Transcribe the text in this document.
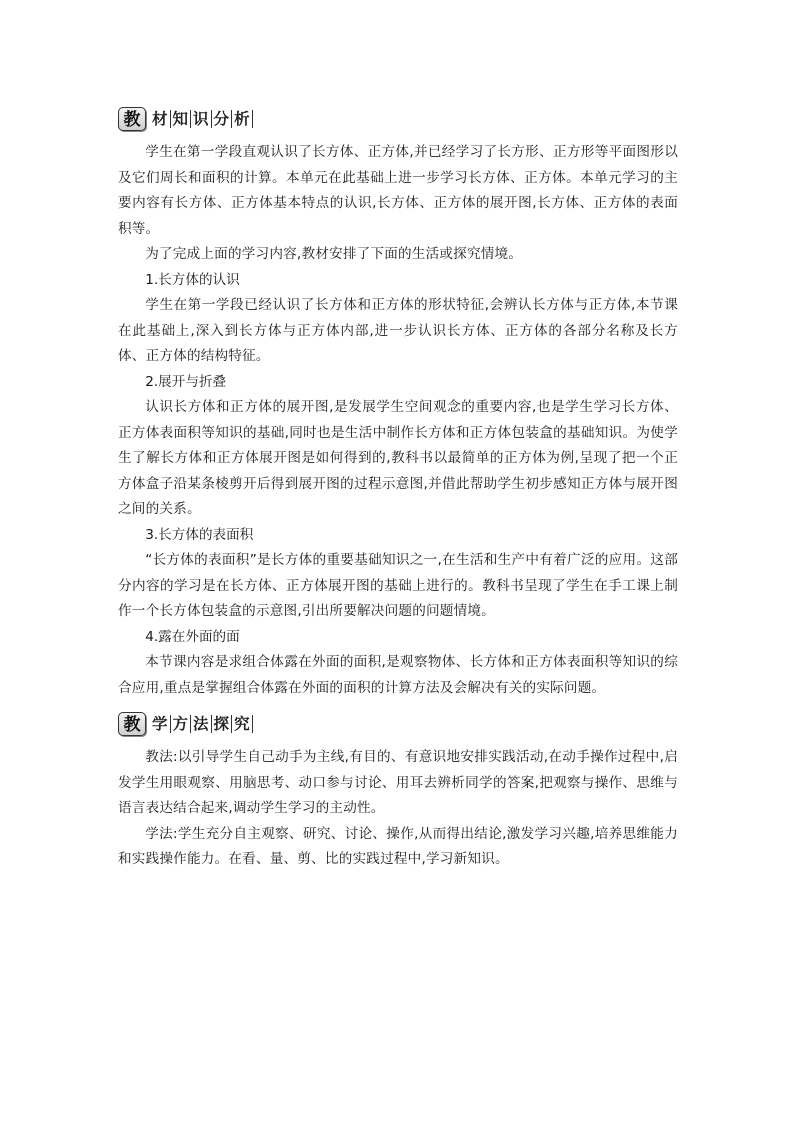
教 材 知 识 分 析

学生在第一学段直观认识了长方体、正方体,并已经学习了长方形、正方形等平面图形以及它们周长和面积的计算。本单元在此基础上进一步学习长方体、正方体。本单元学习的主要内容有长方体、正方体基本特点的认识,长方体、正方体的展开图,长方体、正方体的表面积等。

为了完成上面的学习内容,教材安排了下面的生活或探究情境。

1.长方体的认识

学生在第一学段已经认识了长方体和正方体的形状特征,会辨认长方体与正方体,本节课在此基础上,深入到长方体与正方体内部,进一步认识长方体、正方体的各部分名称及长方体、正方体的结构特征。

2.展开与折叠

认识长方体和正方体的展开图,是发展学生空间观念的重要内容,也是学生学习长方体、正方体表面积等知识的基础,同时也是生活中制作长方体和正方体包装盒的基础知识。为使学生了解长方体和正方体展开图是如何得到的,教科书以最简单的正方体为例,呈现了把一个正方体盒子沿某条棱剪开后得到展开图的过程示意图,并借此帮助学生初步感知正方体与展开图之间的关系。

3.长方体的表面积

“长方体的表面积”是长方体的重要基础知识之一,在生活和生产中有着广泛的应用。这部分内容的学习是在长方体、正方体展开图的基础上进行的。教科书呈现了学生在手工课上制作一个长方体包装盒的示意图,引出所要解决问题的问题情境。

4.露在外面的面

本节课内容是求组合体露在外面的面积,是观察物体、长方体和正方体表面积等知识的综合应用,重点是掌握组合体露在外面的面积的计算方法及会解决有关的实际问题。

教 学 方 法 探 究

教法:以引导学生自己动手为主线,有目的、有意识地安排实践活动,在动手操作过程中,启发学生用眼观察、用脑思考、动口参与讨论、用耳去辨析同学的答案,把观察与操作、思维与语言表达结合起来,调动学生学习的主动性。

学法:学生充分自主观察、研究、讨论、操作,从而得出结论,激发学习兴趣,培养思维能力和实践操作能力。在看、量、剪、比的实践过程中,学习新知识。
